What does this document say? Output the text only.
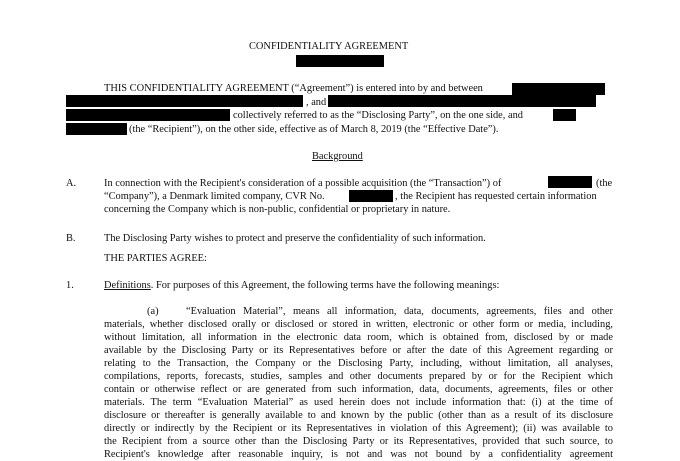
CONFIDENTIALITY AGREEMENT
THIS CONFIDENTIALITY AGREEMENT (“Agreement”) is entered into by and between
, and
collectively referred to as the “Disclosing Party”, on the one side, and
(the “Recipient”), on the other side, effective as of March 8, 2019 (the “Effective Date”).
Background
A.	In connection with the Recipient's consideration of a possible acquisition (the “Transaction”) of	(the
“Company”), a Denmark limited company, CVR No.	, the Recipient has requested certain information
concerning the Company which is non-public, confidential or proprietary in nature.
B.	The Disclosing Party wishes to protect and preserve the confidentiality of such information.
THE PARTIES AGREE:
1.	Definitions. For purposes of this Agreement, the following terms have the following meanings:
(a)	“Evaluation Material”, means all information, data, documents, agreements, files and other
materials, whether disclosed orally or disclosed or stored in written, electronic or other form or media, including,
without limitation, all information in the electronic data room, which is obtained from, disclosed by or made
available by the Disclosing Party or its Representatives before or after the date of this Agreement regarding or
relating to the Transaction, the Company or the Disclosing Party, including, without limitation, all analyses,
compilations, reports, forecasts, studies, samples and other documents prepared by or for the Recipient which
contain or otherwise reflect or are generated from such information, data, documents, agreements, files or other
materials. The term “Evaluation Material” as used herein does not include information that: (i) at the time of
disclosure or thereafter is generally available to and known by the public (other than as a result of its disclosure
directly or indirectly by the Recipient or its Representatives in violation of this Agreement); (ii) was available to
the Recipient from a source other than the Disclosing Party or its Representatives, provided that such source, to
Recipient's knowledge after reasonable inquiry, is not and was not bound by a confidentiality agreement
